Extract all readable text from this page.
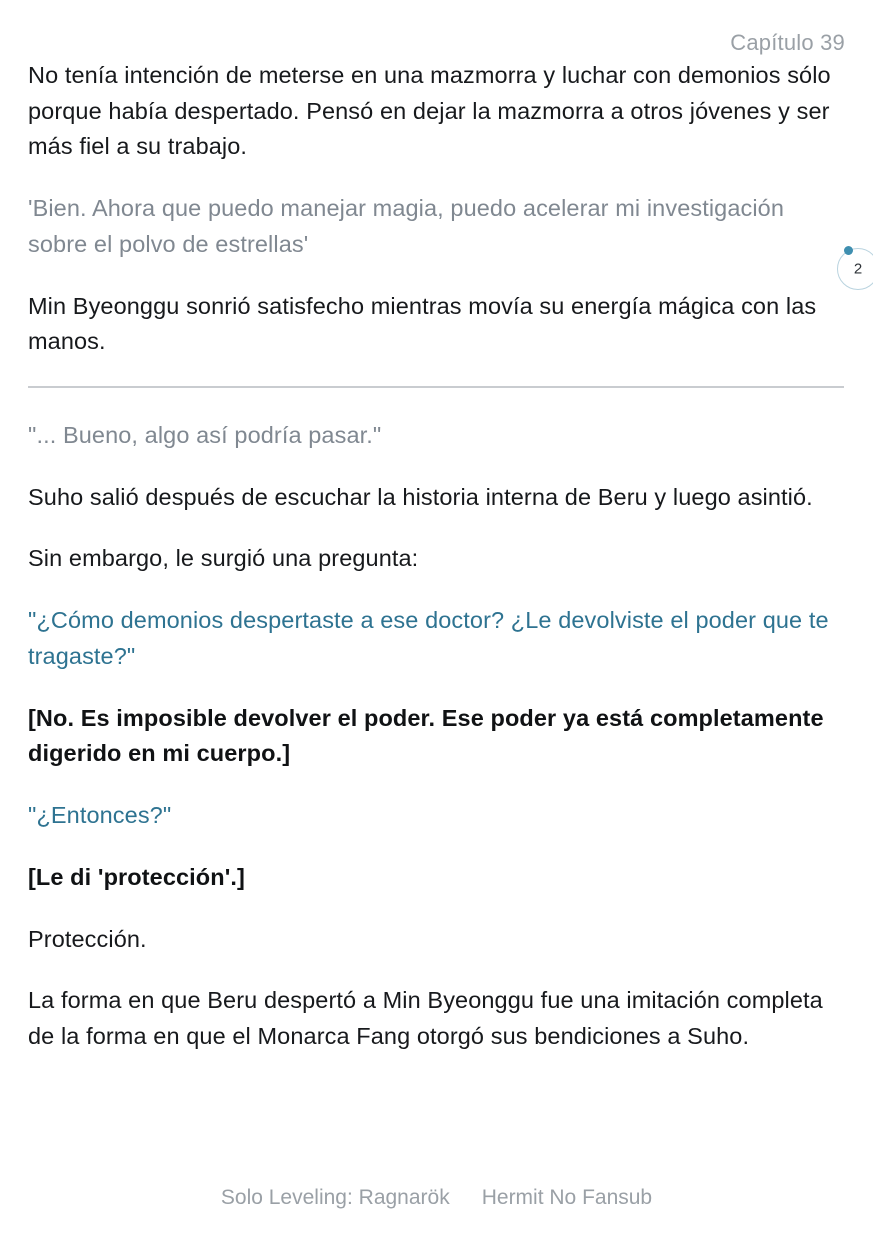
Capítulo 39

No tenía intención de meterse en una mazmorra y luchar con demonios sólo porque había despertado. Pensó en dejar la mazmorra a otros jóvenes y ser más fiel a su trabajo.

'Bien. Ahora que puedo manejar magia, puedo acelerar mi investigación sobre el polvo de estrellas'

Min Byeonggu sonrió satisfecho mientras movía su energía mágica con las manos.

"... Bueno, algo así podría pasar."

Suho salió después de escuchar la historia interna de Beru y luego asintió.

Sin embargo, le surgió una pregunta:

"¿Cómo demonios despertaste a ese doctor? ¿Le devolviste el poder que te tragaste?"

[No. Es imposible devolver el poder. Ese poder ya está completamente digerido en mi cuerpo.]

"¿Entonces?"

[Le di 'protección'.]

Protección.

La forma en que Beru despertó a Min Byeonggu fue una imitación completa de la forma en que el Monarca Fang otorgó sus bendiciones a Suho.

2
Solo Leveling: Ragnarök Hermit No Fansub
